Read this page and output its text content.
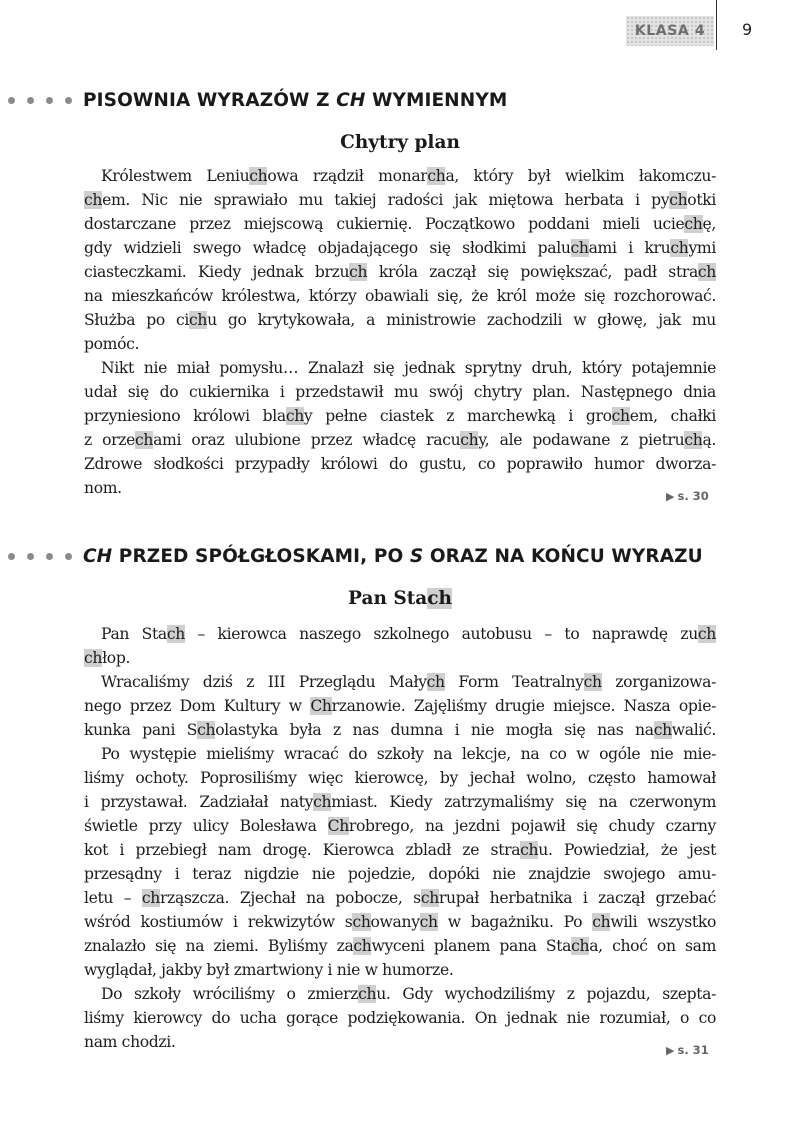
KLASA 4 9
PISOWNIA WYRAZÓW Z CH WYMIENNYM
Chytry plan
Królestwem Leniuchowa rządził monarcha, który był wielkim łakomczu-
chem. Nic nie sprawiało mu takiej radości jak miętowa herbata i pychotki
dostarczane przez miejscową cukiernię. Początkowo poddani mieli uciechę,
gdy widzieli swego władcę objadającego się słodkimi paluchami i kruchymi
ciasteczkami. Kiedy jednak brzuch króla zaczął się powiększać, padł strach
na mieszkańców królestwa, którzy obawiali się, że król może się rozchorować.
Służba po cichu go krytykowała, a ministrowie zachodzili w głowę, jak mu
pomóc.
Nikt nie miał pomysłu… Znalazł się jednak sprytny druh, który potajemnie
udał się do cukiernika i przedstawił mu swój chytry plan. Następnego dnia
przyniesiono królowi blachy pełne ciastek z marchewką i grochem, chałki
z orzechami oraz ulubione przez władcę racuchy, ale podawane z pietruchą.
Zdrowe słodkości przypadły królowi do gustu, co poprawiło humor dworza-
nom.	▶ s. 30
CH PRZED SPÓŁGŁOSKAMI, PO S ORAZ NA KOŃCU WYRAZU
Pan Stach
Pan Stach – kierowca naszego szkolnego autobusu – to naprawdę zuch
chłop.
Wracaliśmy dziś z III Przeglądu Małych Form Teatralnych zorganizowa-
nego przez Dom Kultury w Chrzanowie. Zajęliśmy drugie miejsce. Nasza opie-
kunka pani Scholastyka była z nas dumna i nie mogła się nas nachwalić.
Po występie mieliśmy wracać do szkoły na lekcje, na co w ogóle nie mie-
liśmy ochoty. Poprosiliśmy więc kierowcę, by jechał wolno, często hamował
i przystawał. Zadziałał natychmiast. Kiedy zatrzymaliśmy się na czerwonym
świetle przy ulicy Bolesława Chrobrego, na jezdni pojawił się chudy czarny
kot i przebiegł nam drogę. Kierowca zbladł ze strachu. Powiedział, że jest
przesądny i teraz nigdzie nie pojedzie, dopóki nie znajdzie swojego amu-
letu – chrząszcza. Zjechał na pobocze, schrupał herbatnika i zaczął grzebać
wśród kostiumów i rekwizytów schowanych w bagażniku. Po chwili wszystko
znalazło się na ziemi. Byliśmy zachwyceni planem pana Stacha, choć on sam
wyglądał, jakby był zmartwiony i nie w humorze.
Do szkoły wróciliśmy o zmierzchu. Gdy wychodziliśmy z pojazdu, szepta-
liśmy kierowcy do ucha gorące podziękowania. On jednak nie rozumiał, o co
nam chodzi.	▶ s. 31
